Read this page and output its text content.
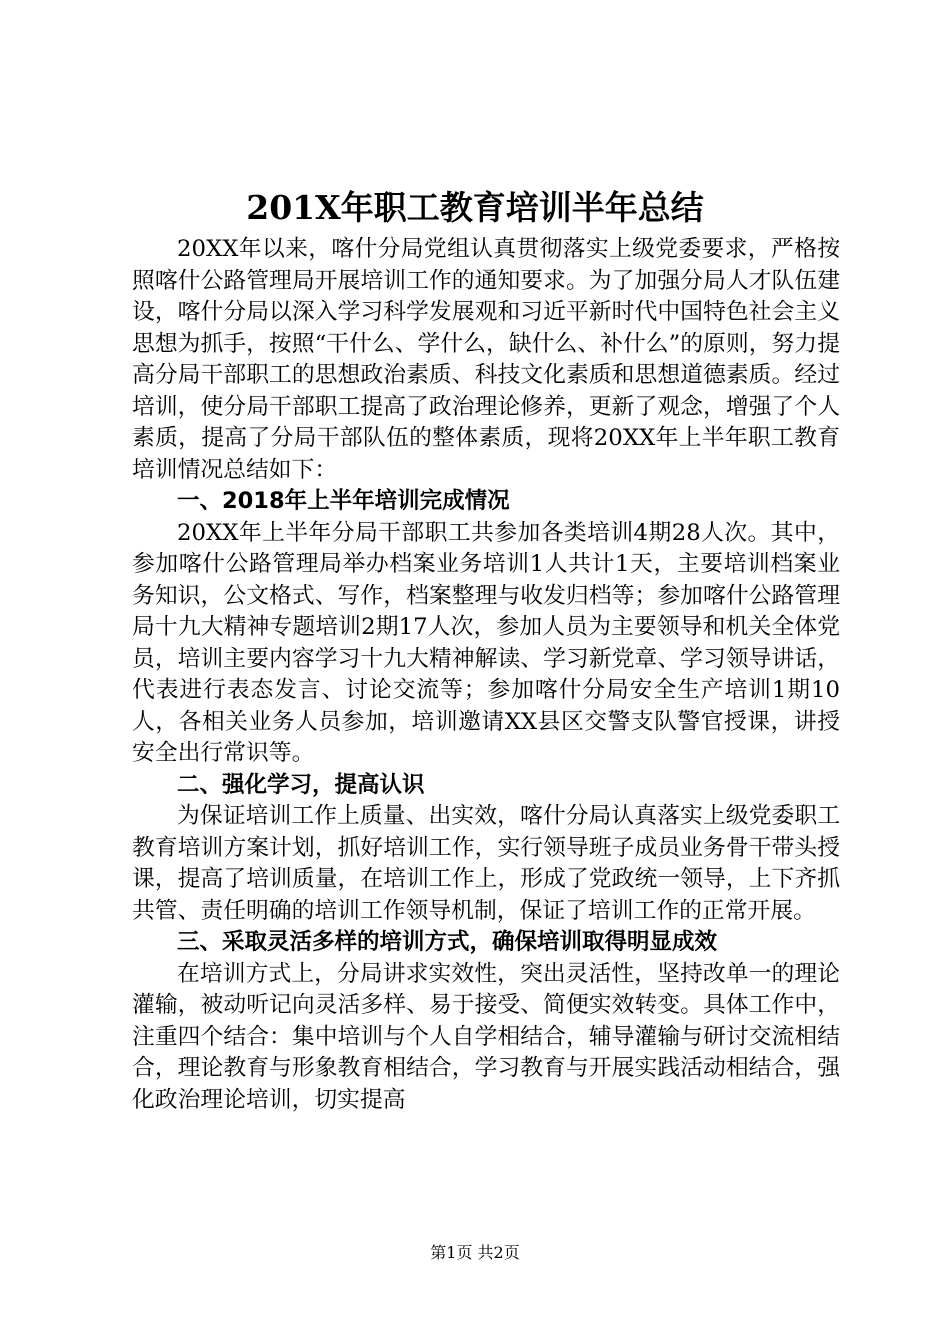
201X年职工教育培训半年总结

20XX年以来，喀什分局党组认真贯彻落实上级党委要求，严格按照喀什公路管理局开展培训工作的通知要求。为了加强分局人才队伍建设，喀什分局以深入学习科学发展观和习近平新时代中国特色社会主义思想为抓手，按照“干什么、学什么，缺什么、补什么”的原则，努力提高分局干部职工的思想政治素质、科技文化素质和思想道德素质。经过培训，使分局干部职工提高了政治理论修养，更新了观念，增强了个人素质，提高了分局干部队伍的整体素质，现将20XX年上半年职工教育培训情况总结如下：

一、2018年上半年培训完成情况

20XX年上半年分局干部职工共参加各类培训4期28人次。其中，参加喀什公路管理局举办档案业务培训1人共计1天，主要培训档案业务知识，公文格式、写作，档案整理与收发归档等；参加喀什公路管理局十九大精神专题培训2期17人次，参加人员为主要领导和机关全体党员，培训主要内容学习十九大精神解读、学习新党章、学习领导讲话，代表进行表态发言、讨论交流等；参加喀什分局安全生产培训1期10人，各相关业务人员参加，培训邀请XX县区交警支队警官授课，讲授安全出行常识等。

二、强化学习，提高认识

为保证培训工作上质量、出实效，喀什分局认真落实上级党委职工教育培训方案计划，抓好培训工作，实行领导班子成员业务骨干带头授课，提高了培训质量，在培训工作上，形成了党政统一领导，上下齐抓共管、责任明确的培训工作领导机制，保证了培训工作的正常开展。

三、采取灵活多样的培训方式，确保培训取得明显成效

在培训方式上，分局讲求实效性，突出灵活性，坚持改单一的理论灌输，被动听记向灵活多样、易于接受、简便实效转变。具体工作中，注重四个结合：集中培训与个人自学相结合，辅导灌输与研讨交流相结合，理论教育与形象教育相结合，学习教育与开展实践活动相结合，强化政治理论培训，切实提高

第1页 共2页
